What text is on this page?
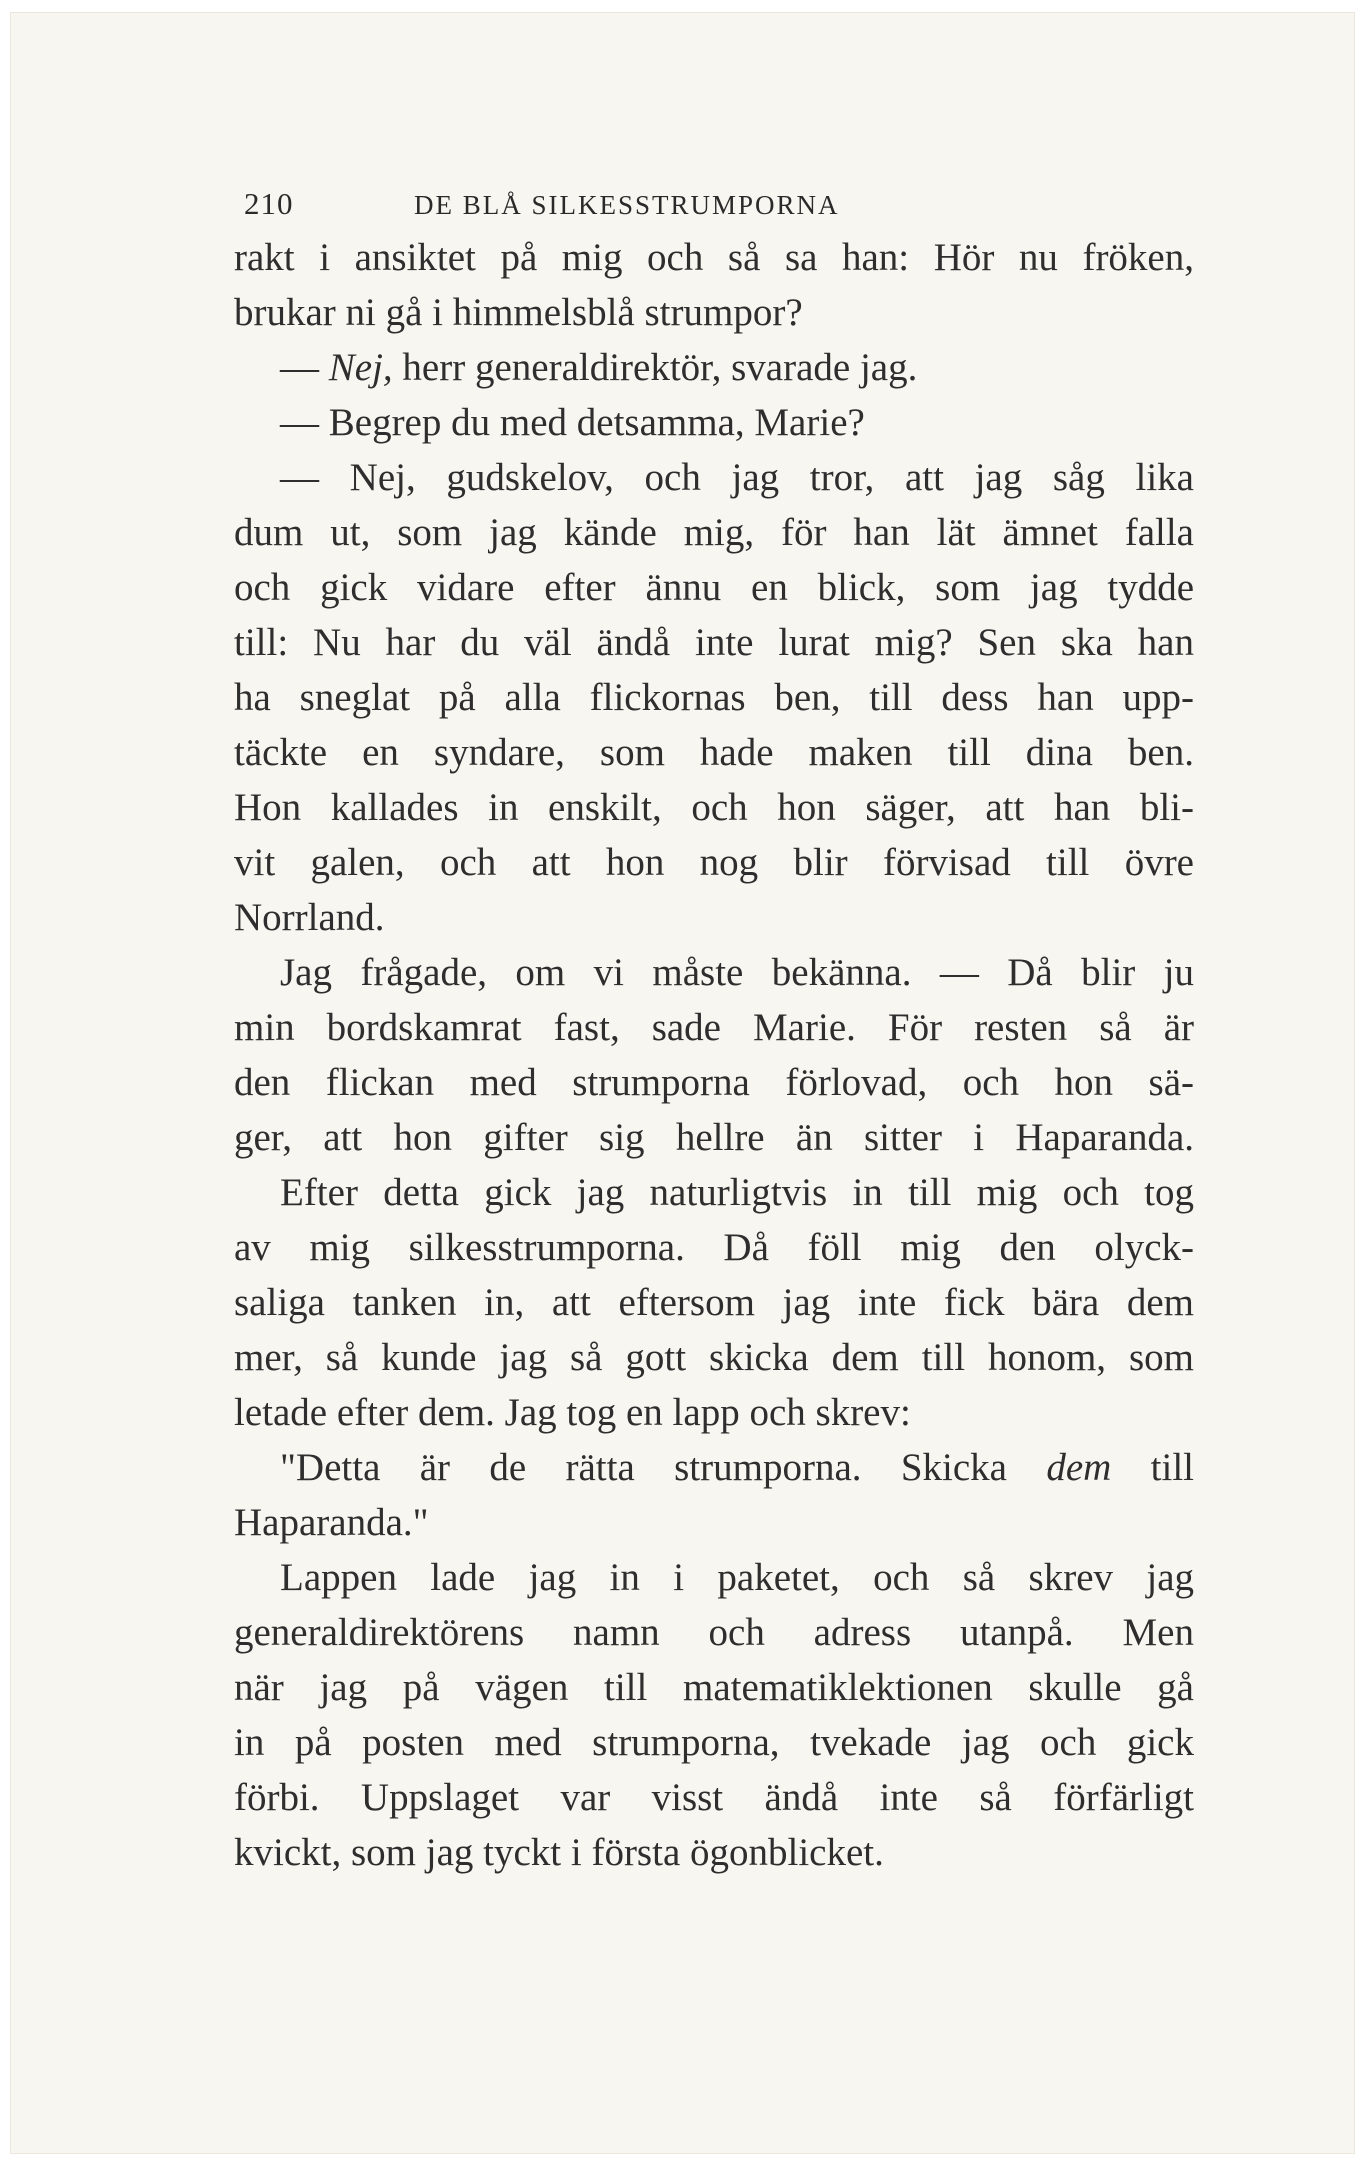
210	DE BLÅ SILKESSTRUMPORNA
rakt i ansiktet på mig och så sa han: Hör nu fröken,
brukar ni gå i himmelsblå strumpor?
— Nej, herr generaldirektör, svarade jag.
— Begrep du med detsamma, Marie?
— Nej, gudskelov, och jag tror, att jag såg lika
dum ut, som jag kände mig, för han lät ämnet falla
och gick vidare efter ännu en blick, som jag tydde
till: Nu har du väl ändå inte lurat mig? Sen ska han
ha sneglat på alla flickornas ben, till dess han upp-
täckte en syndare, som hade maken till dina ben.
Hon kallades in enskilt, och hon säger, att han bli-
vit galen, och att hon nog blir förvisad till övre
Norrland.
Jag frågade, om vi måste bekänna. — Då blir ju
min bordskamrat fast, sade Marie. För resten så är
den flickan med strumporna förlovad, och hon sä-
ger, att hon gifter sig hellre än sitter i Haparanda.
Efter detta gick jag naturligtvis in till mig och tog
av mig silkesstrumporna. Då föll mig den olyck-
saliga tanken in, att eftersom jag inte fick bära dem
mer, så kunde jag så gott skicka dem till honom, som
letade efter dem. Jag tog en lapp och skrev:
"Detta är de rätta strumporna. Skicka dem till
Haparanda."
Lappen lade jag in i paketet, och så skrev jag
generaldirektörens namn och adress utanpå. Men
när jag på vägen till matematiklektionen skulle gå
in på posten med strumporna, tvekade jag och gick
förbi. Uppslaget var visst ändå inte så förfärligt
kvickt, som jag tyckt i första ögonblicket.
